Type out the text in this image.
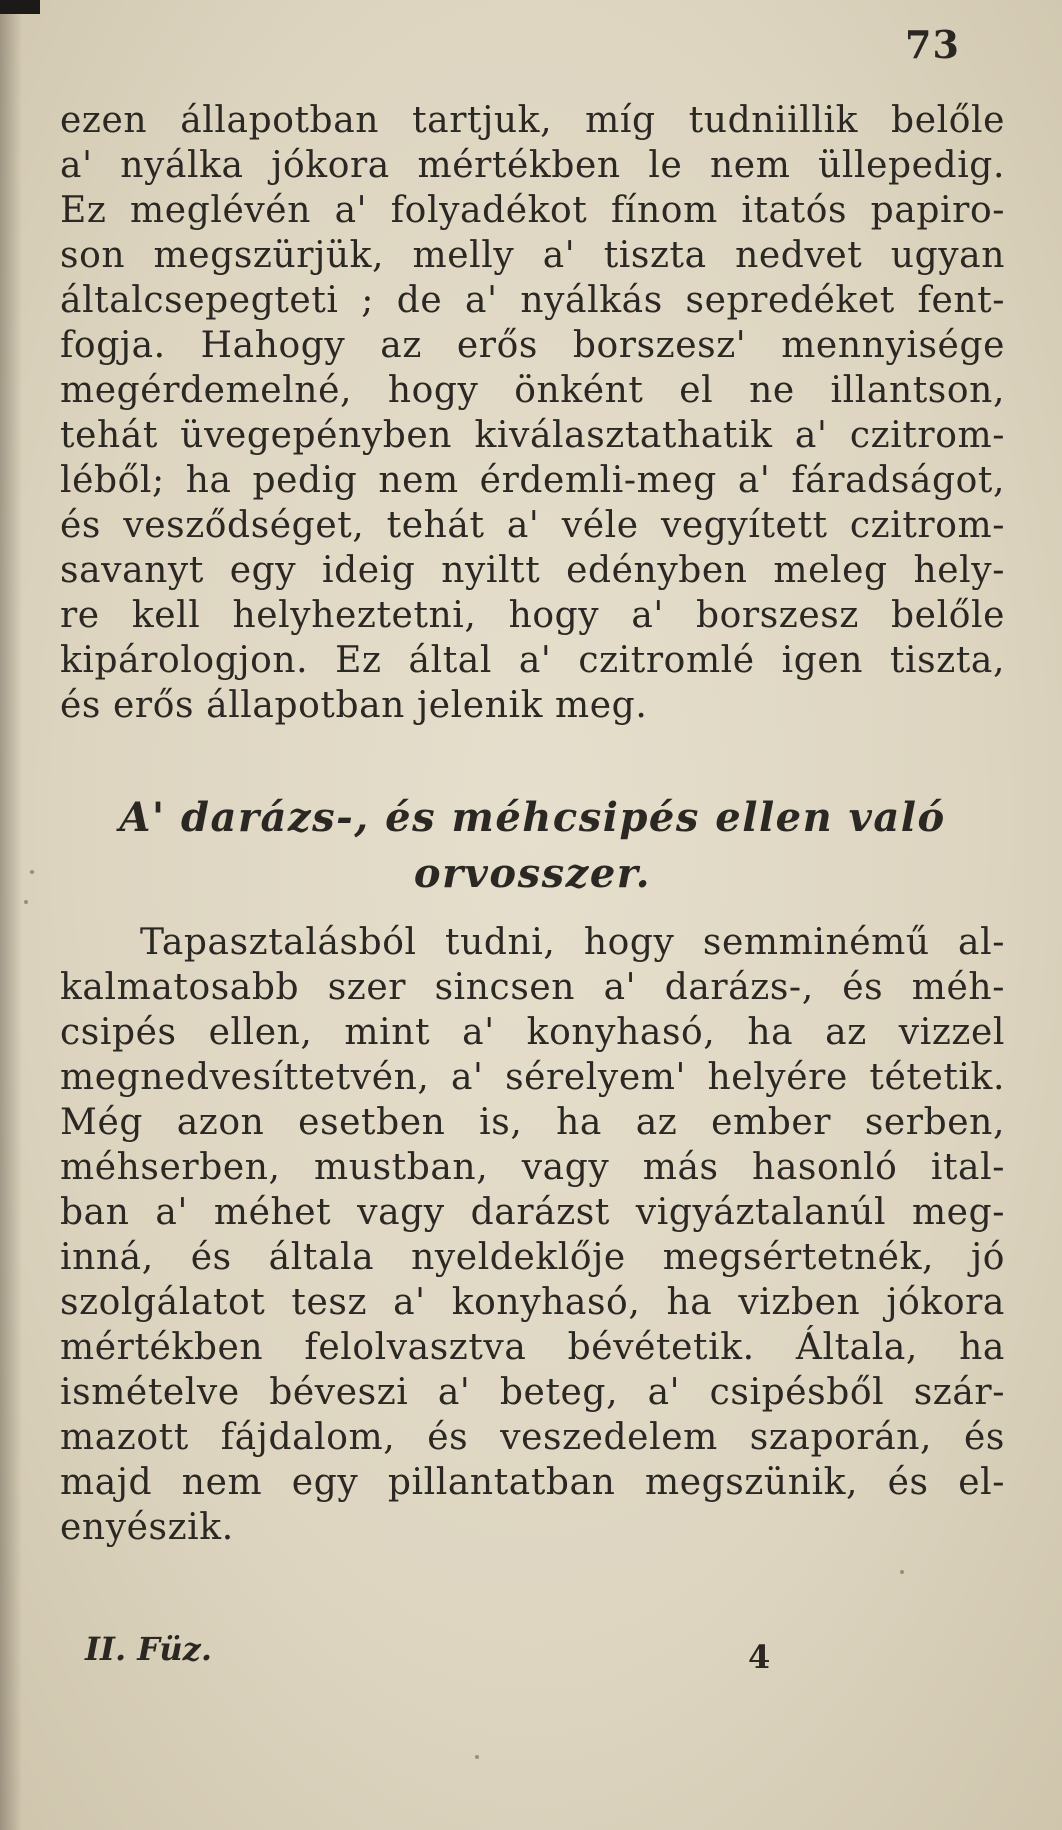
73
ezen állapotban tartjuk, míg tudniillik belőle
a' nyálka jókora mértékben le nem üllepedig.
Ez meglévén a' folyadékot fínom itatós papiro-
son megszürjük, melly a' tiszta nedvet ugyan
általcsepegteti ; de a' nyálkás sepredéket fent-
fogja. Hahogy az erős borszesz' mennyisége
megérdemelné, hogy önként el ne illantson,
tehát üvegepényben kiválasztathatik a' czitrom-
léből; ha pedig nem érdemli-meg a' fáradságot,
és vesződséget, tehát a' véle vegyített czitrom-
savanyt egy ideig nyiltt edényben meleg hely-
re kell helyheztetni, hogy a' borszesz belőle
kipárologjon. Ez által a' czitromlé igen tiszta,
és erős állapotban jelenik meg.
A' darázs-, és méhcsipés ellen való
orvosszer.
Tapasztalásból tudni, hogy semminémű al-
kalmatosabb szer sincsen a' darázs-, és méh-
csipés ellen, mint a' konyhasó, ha az vizzel
megnedvesíttetvén, a' sérelyem' helyére tétetik.
Még azon esetben is, ha az ember serben,
méhserben, mustban, vagy más hasonló ital-
ban a' méhet vagy darázst vigyáztalanúl meg-
inná, és általa nyeldeklője megsértetnék, jó
szolgálatot tesz a' konyhasó, ha vizben jókora
mértékben felolvasztva bévétetik. Általa, ha
ismételve béveszi a' beteg, a' csipésből szár-
mazott fájdalom, és veszedelem szaporán, és
majd nem egy pillantatban megszünik, és el-
enyészik.
II. Füz.	4
